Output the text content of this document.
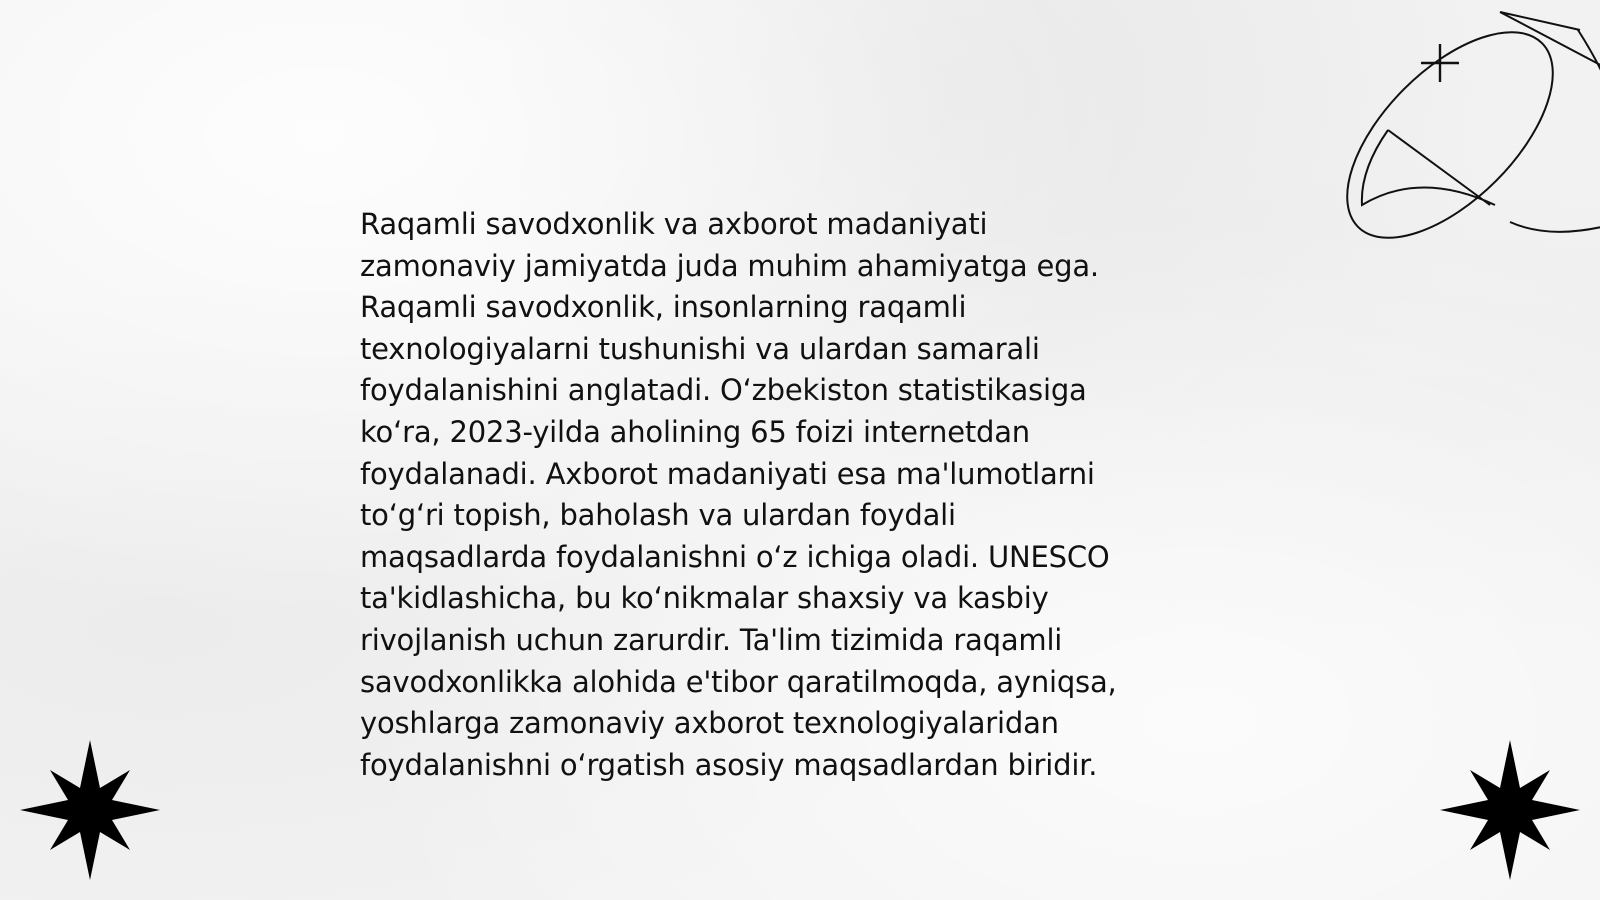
Raqamli savodxonlik va axborot madaniyati
zamonaviy jamiyatda juda muhim ahamiyatga ega.
Raqamli savodxonlik, insonlarning raqamli
texnologiyalarni tushunishi va ulardan samarali
foydalanishini anglatadi. O‘zbekiston statistikasiga
ko‘ra, 2023-yilda aholining 65 foizi internetdan
foydalanadi. Axborot madaniyati esa ma'lumotlarni
to‘g‘ri topish, baholash va ulardan foydali
maqsadlarda foydalanishni o‘z ichiga oladi. UNESCO
ta'kidlashicha, bu ko‘nikmalar shaxsiy va kasbiy
rivojlanish uchun zarurdir. Ta'lim tizimida raqamli
savodxonlikka alohida e'tibor qaratilmoqda, ayniqsa,
yoshlarga zamonaviy axborot texnologiyalaridan
foydalanishni o‘rgatish asosiy maqsadlardan biridir.
